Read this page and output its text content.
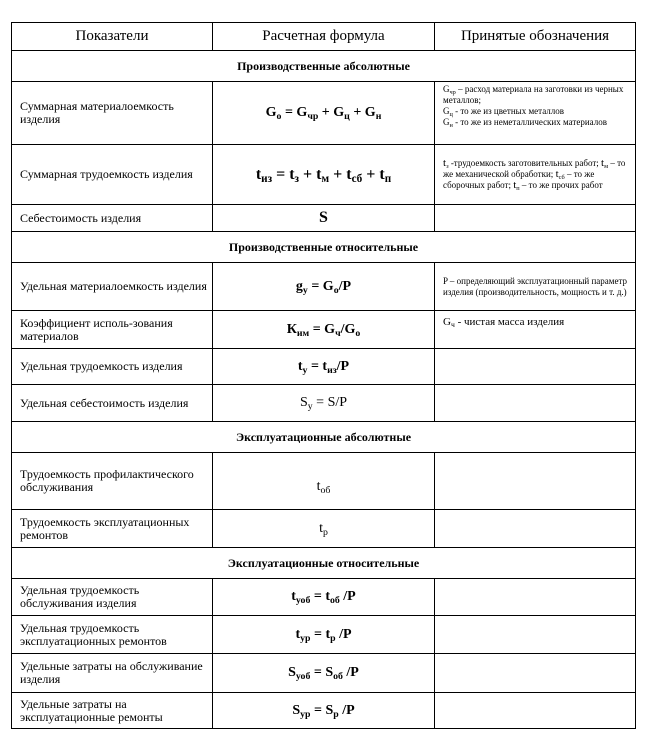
Показатели	Расчетная формула	Принятые обозначения
Производственные абсолютные		

Суммарная материалоемкость изделия	$G_о = G_{чр} + G_ц + G_н$	$G_{чр}$ – расход материала на заготовки из черных металлов;
$G_ц$ - то же из цветных металлов
$G_н$ - то же из неметаллических материалов

Суммарная трудоемкость изделия	$t_{из} = t_з + t_м + t_{сб} + t_п$	$t_з$ -трудоемкость заготовительных работ; $t_м$ – то же механической обработки; $t_{сб}$ – то же сборочных работ; $t_п$ – то же прочих работ

Себестоимость изделия	S	
Производственные относительные		

Удельная материалоемкость изделия	$g_у = G_о/P$	P – определяющий эксплуатационный параметр изделия (производительность, мощность и т. д.)

Коэффициент исполь-зования материалов	$К_{им} = G_ч/G_о$	$G_ч$ - чистая масса изделия

Удельная трудоемкость изделия	$t_у = t_{из}/P$	

Удельная себестоимость изделия	$S_у = S/P$	
Эксплуатационные абсолютные		

Трудоемкость профилактического обслуживания	$t_{об}$	

Трудоемкость эксплуатационных ремонтов	$t_р$	
Эксплуатационные относительные		

Удельная трудоемкость обслуживания изделия	$t_{уоб} = t_{об}$ /P	

Удельная трудоемкость эксплуатационных ремонтов	$t_{ур} = t_р$ /P	

Удельные затраты на обслуживание изделия	$S_{уоб} = S_{об}$ /P	

Удельные затраты на эксплуатационные ремонты	$S_{ур} = S_р$ /P	
